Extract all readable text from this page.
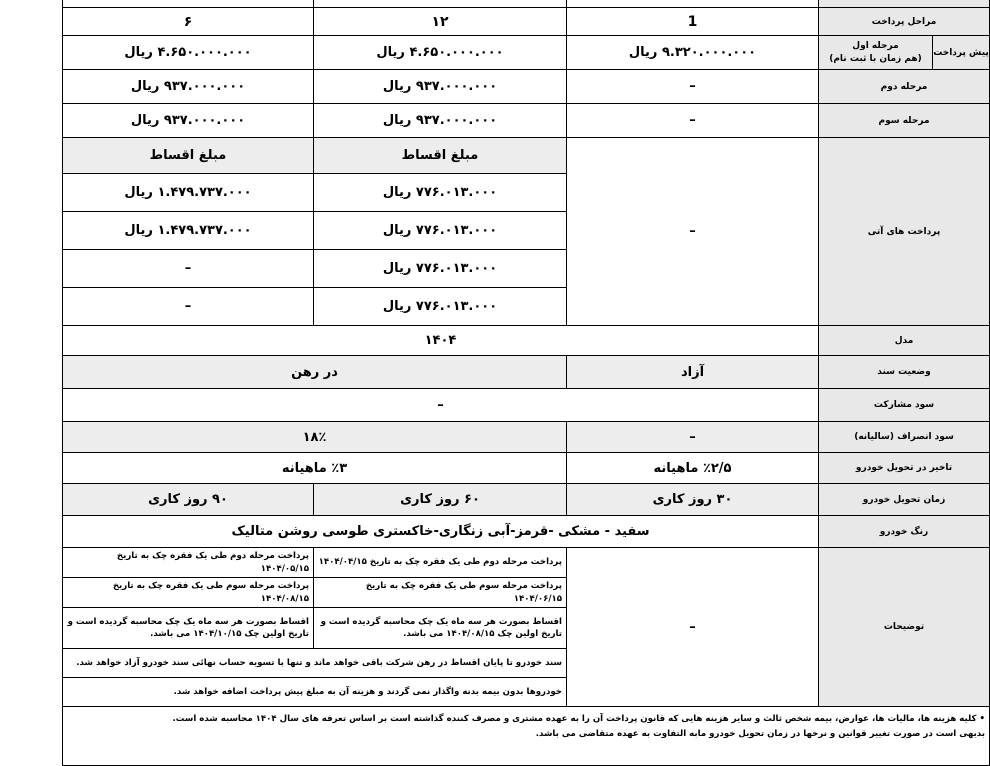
مراحل پرداخت
1
۱۲
۶
پیش پرداخت
مرحله اول
(هم زمان با ثبت نام)
۹.۳۲۰.۰۰۰.۰۰۰ ریال
۴.۶۵۰.۰۰۰.۰۰۰ ریال
۴.۶۵۰.۰۰۰.۰۰۰ ریال
مرحله دوم
–
۹۳۷.۰۰۰.۰۰۰ ریال
۹۳۷.۰۰۰.۰۰۰ ریال
مرحله سوم
–
۹۳۷.۰۰۰.۰۰۰ ریال
۹۳۷.۰۰۰.۰۰۰ ریال
پرداخت های آتی
–
مبلغ اقساط
۷۷۶.۰۱۳.۰۰۰ ریال
۷۷۶.۰۱۳.۰۰۰ ریال
۷۷۶.۰۱۳.۰۰۰ ریال
۷۷۶.۰۱۳.۰۰۰ ریال
مبلغ اقساط
۱.۴۷۹.۷۳۷.۰۰۰ ریال
۱.۴۷۹.۷۳۷.۰۰۰ ریال
–
–
مدل
۱۴۰۴
وضعیت سند
آزاد
در رهن
سود مشارکت
–
سود انصراف (سالیانه)
–
۱۸٪
تاخیر در تحویل خودرو
٪۲/۵ ماهیانه
٪۳ ماهیانه
زمان تحویل خودرو
۳۰ روز کاری
۶۰ روز کاری
۹۰ روز کاری
رنگ خودرو
سفید - مشکی -قرمز-آبی زنگاری-خاکستری طوسی روشن متالیک
توضیحات
–
پرداخت مرحله دوم طی یک فقره چک به تاریخ ۱۴۰۴/۰۴/۱۵
پرداخت مرحله سوم طی یک فقره چک به تاریخ ۱۴۰۴/۰۶/۱۵
اقساط بصورت هر سه ماه یک چک محاسبه گردیده است و تاریخ اولین چک ۱۴۰۴/۰۸/۱۵ می باشد.
پرداخت مرحله دوم طی یک فقره چک به تاریخ ۱۴۰۴/۰۵/۱۵
پرداخت مرحله سوم طی یک فقره چک به تاریخ ۱۴۰۴/۰۸/۱۵
اقساط بصورت هر سه ماه یک چک محاسبه گردیده است و تاریخ اولین چک ۱۴۰۴/۱۰/۱۵ می باشد.
سند خودرو تا پایان اقساط در رهن شرکت باقی خواهد ماند و تنها با تسویه حساب نهائی سند خودرو آزاد خواهد شد.
خودروها بدون بیمه بدنه واگذار نمی گردند و هزینه آن به مبلغ پیش پرداخت اضافه خواهد شد.
• کلیه هزینه ها، مالیات ها، عوارض، بیمه شخص ثالث و سایر هزینه هایی که قانون پرداخت آن را به عهده مشتری و مصرف کننده گذاشته است بر اساس تعرفه های سال ۱۴۰۴ محاسبه شده است.
بدیهی است در صورت تغییر قوانین و نرخها در زمان تحویل خودرو مابه التفاوت به عهده متقاضی می باشد.
